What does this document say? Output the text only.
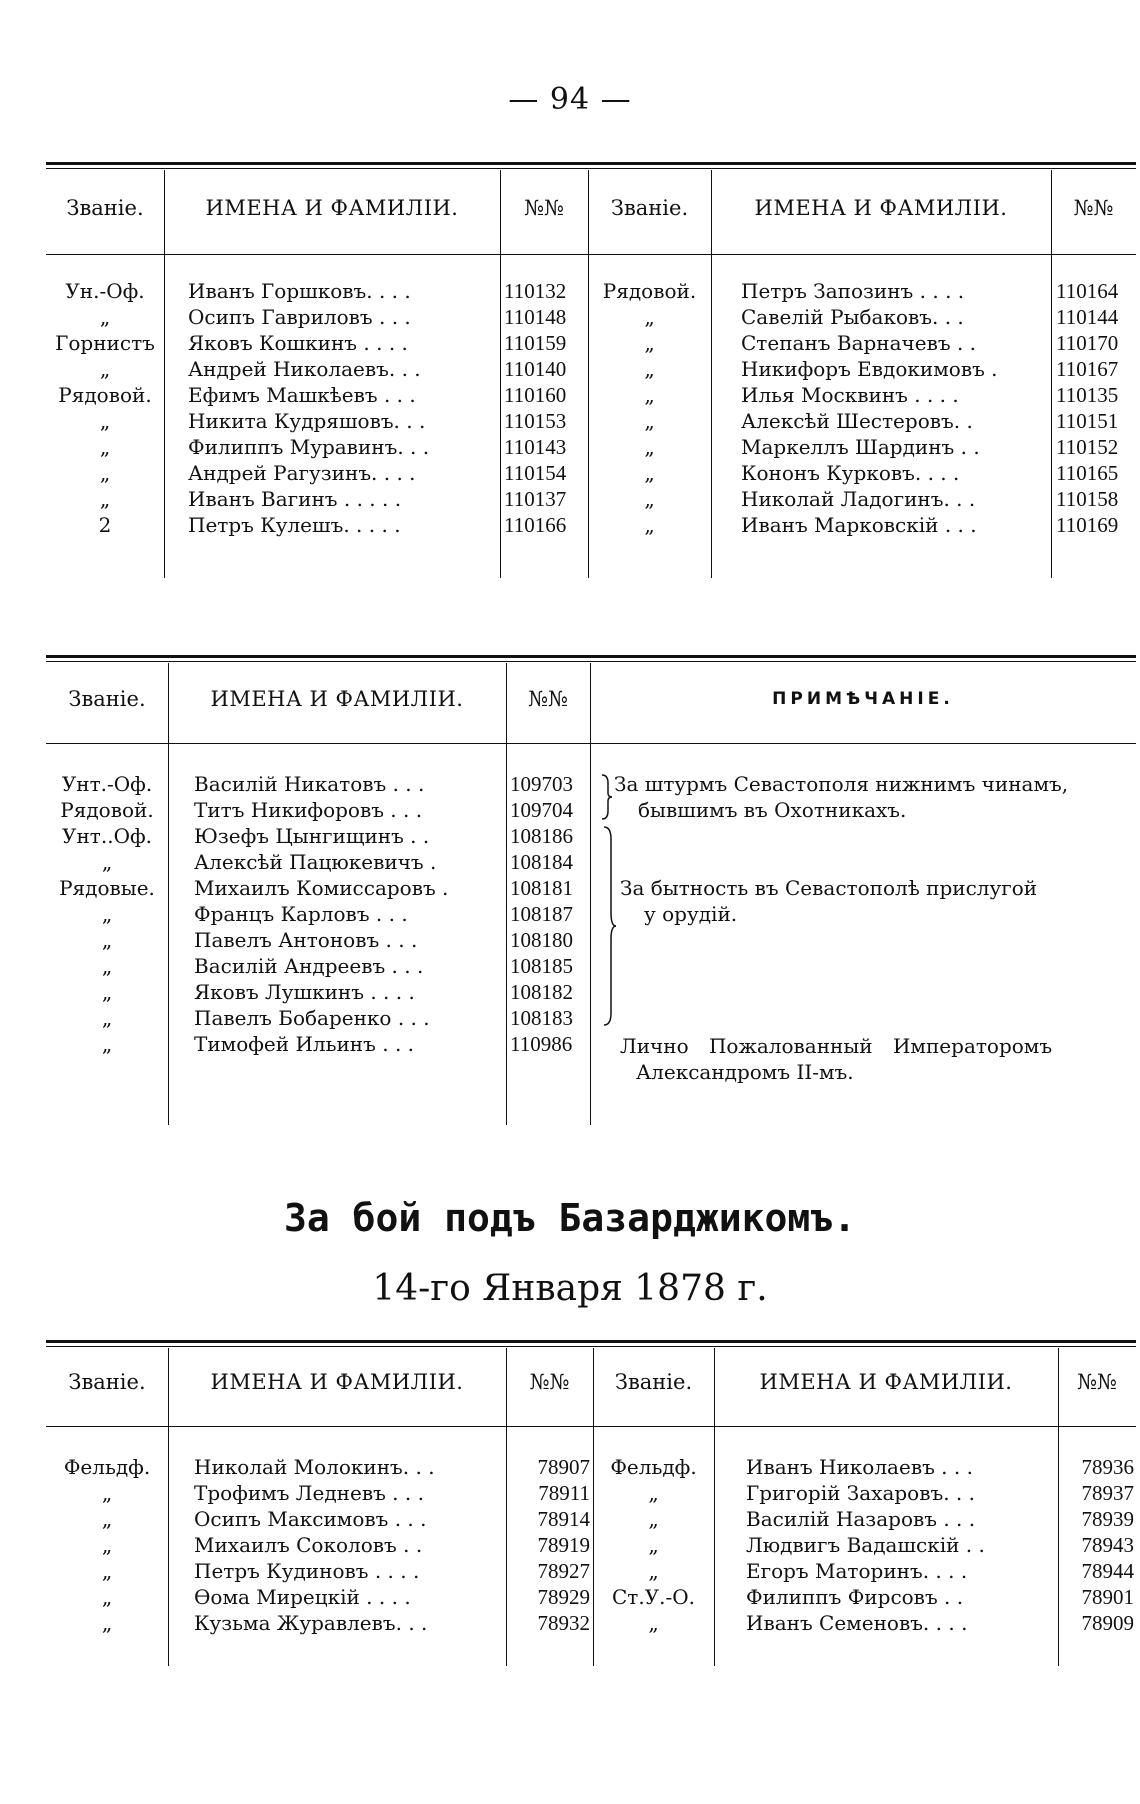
— 94 —
Званіе.	ИМЕНА И ФАМИЛІИ.	№№	Званіе.	ИМЕНА И ФАМИЛІИ.	№№
Ун.-Оф.	Иванъ Горшковъ. . . .	110132	Рядовой.	Петръ Запозинъ . . . .	110164
„	Осипъ Гавриловъ . . .	110148	„	Савелій Рыбаковъ. . .	110144
Горнистъ	Яковъ Кошкинъ . . . .	110159	„	Степанъ Варначевъ . .	110170
„	Андрей Николаевъ. . .	110140	„	Никифоръ Евдокимовъ .	110167
Рядовой.	Ефимъ Машкѣевъ . . .	110160	„	Илья Москвинъ . . . .	110135
„	Никита Кудряшовъ. . .	110153	„	Алексѣй Шестеровъ. .	110151
„	Филиппъ Муравинъ. . .	110143	„	Маркеллъ Шардинъ . .	110152
„	Андрей Рагузинъ. . . .	110154	„	Кононъ Курковъ. . . .	110165
„	Иванъ Вагинъ . . . . .	110137	„	Николай Ладогинъ. . .	110158
2	Петръ Кулешъ. . . . .	110166	„	Иванъ Марковскій . . .	110169
Званіе.	ИМЕНА И ФАМИЛІИ.	№№	ПРИМѢЧАНІЕ.
Унт.-Оф.	Василій Никатовъ . . .	109703
Рядовой.	Титъ Никифоровъ . . .	109704
Унт..Оф.	Юзефъ Цынгищинъ . .	108186
„	Алексѣй Пацюкевичъ .	108184
Рядовые.	Михаилъ Комиссаровъ .	108181
„	Францъ Карловъ . . .	108187
„	Павелъ Антоновъ . . .	108180
„	Василій Андреевъ . . .	108185
„	Яковъ Лушкинъ . . . .	108182
„	Павелъ Бобаренко . . .	108183
„	Тимофей Ильинъ . . .	110986
За штурмъ Севастополя нижнимъ чинамъ,
бывшимъ въ Охотникахъ.
За бытность въ Севастополѣ прислугой
у орудій.
Лично Пожалованный Императоромъ
Александромъ II-мъ.
За бой подъ Базарджикомъ.
14-го Января 1878 г.
Званіе.	ИМЕНА И ФАМИЛІИ.	№№	Званіе.	ИМЕНА И ФАМИЛІИ.	№№
Фельдф.	Николай Молокинъ. . .	78907	Фельдф.	Иванъ Николаевъ . . .	78936
„	Трофимъ Ледневъ . . .	78911	„	Григорій Захаровъ. . .	78937
„	Осипъ Максимовъ . . .	78914	„	Василій Назаровъ . . .	78939
„	Михаилъ Соколовъ . .	78919	„	Людвигъ Вадашскій . .	78943
„	Петръ Кудиновъ . . . .	78927	„	Егоръ Маторинъ. . . .	78944
„	Ѳома Мирецкій . . . .	78929	Ст.У.-О.	Филиппъ Фирсовъ . .	78901
„	Кузьма Журавлевъ. . .	78932	„	Иванъ Семеновъ. . . .	78909
